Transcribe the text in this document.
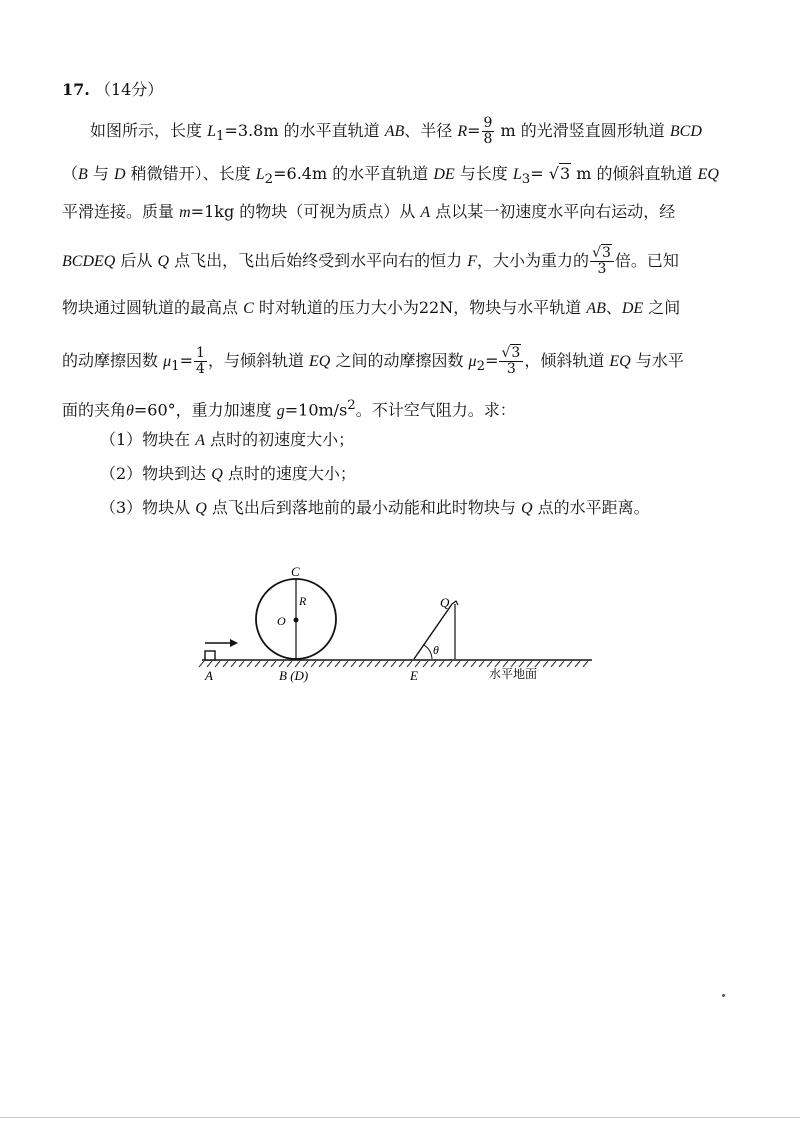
17. （14分）
如图所示，长度 $L_1=3.8m$ 的水平直轨道 AB、半径 $R= \frac{9}{8}$ m 的光滑竖直圆形轨道 BCD
（B 与 D 稍微错开）、长度 $L_2=6.4m$ 的水平直轨道 DE 与长度 $L_3= √3$ m 的倾斜直轨道 EQ
平滑连接。质量 m=1kg 的物块（可视为质点）从 A 点以某一初速度水平向右运动，经
BCDEQ 后从 Q 点飞出，飞出后始终受到水平向右的恒力 F，大小为重力的 $\frac{√3}{3}$ 倍。已知
物块通过圆轨道的最高点 C 时对轨道的压力大小为22N，物块与水平轨道 AB、DE 之间
的动摩擦因数 $\mu_1= \frac{1}{4}$ ，与倾斜轨道 EQ 之间的动摩擦因数 $\mu_2= \frac{√3}{3}$ ，倾斜轨道 EQ 与水平
面的夹角θ=60°，重力加速度 $g=10m/s^2$。不计空气阻力。求：
（1）物块在 A 点时的初速度大小；
（2）物块到达 Q 点时的速度大小；
（3）物块从 Q 点飞出后到落地前的最小动能和此时物块与 Q 点的水平距离。
C
R
O
Q
θ
A	B (D)	E	水平地面
